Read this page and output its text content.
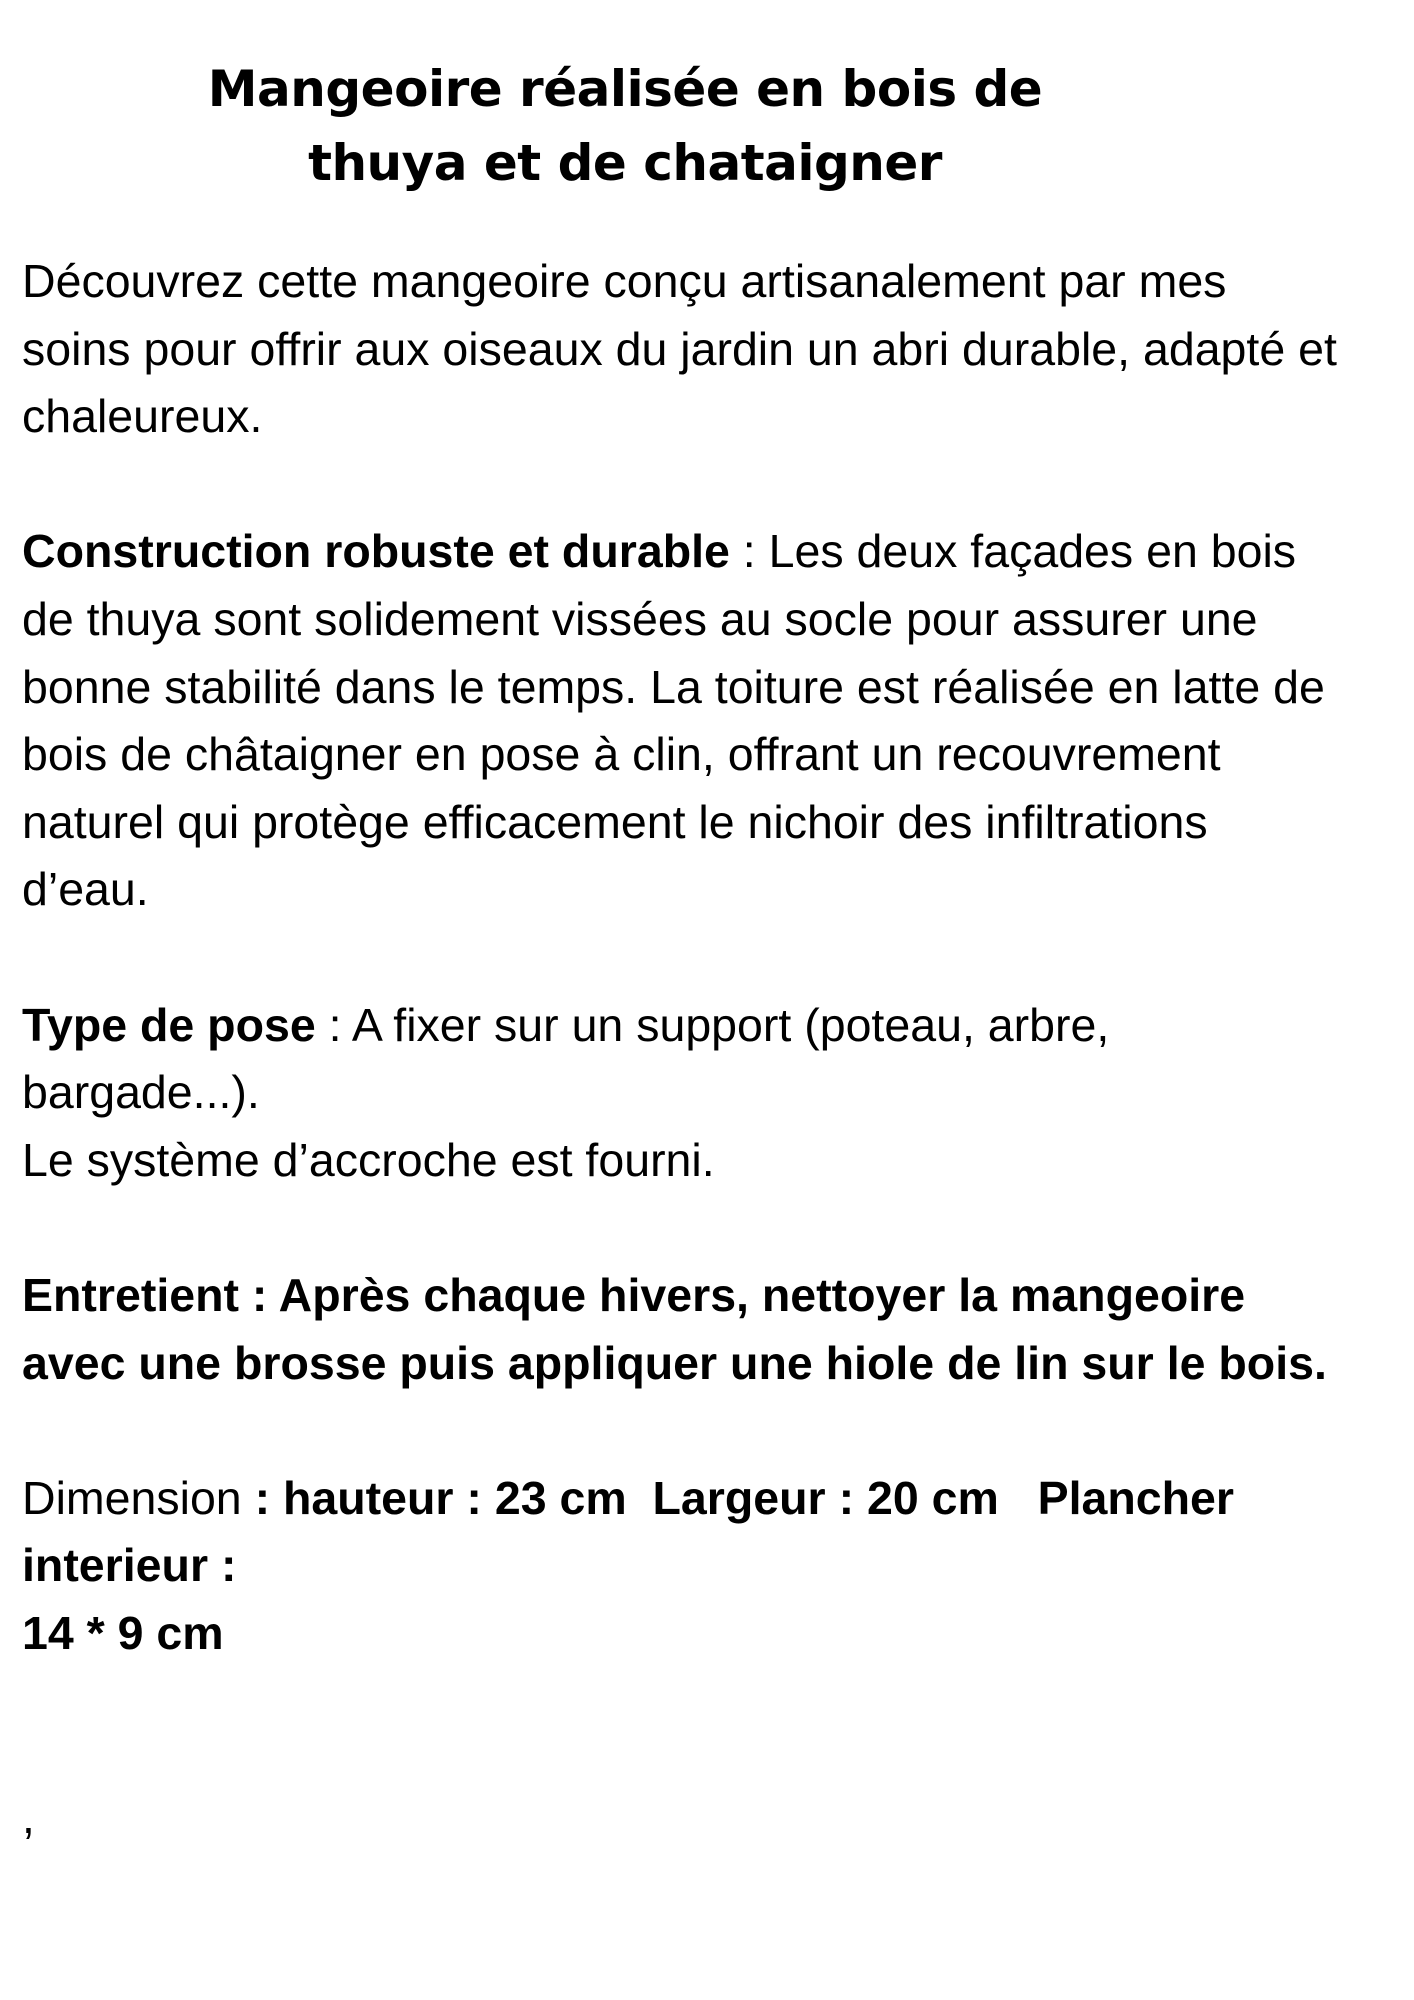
Mangeoire réalisée en bois de
thuya et de chataigner
Découvrez cette mangeoire conçu artisanalement par mes
soins pour offrir aux oiseaux du jardin un abri durable, adapté et
chaleureux.
Construction robuste et durable : Les deux façades en bois
de thuya sont solidement vissées au socle pour assurer une
bonne stabilité dans le temps. La toiture est réalisée en latte de
bois de châtaigner en pose à clin, offrant un recouvrement
naturel qui protège efficacement le nichoir des infiltrations
d’eau.
Type de pose : A fixer sur un support (poteau, arbre,
bargade...).
Le système d’accroche est fourni.
Entretient : Après chaque hivers, nettoyer la mangeoire
avec une brosse puis appliquer une hiole de lin sur le bois.
Dimension : hauteur : 23 cm  Largeur : 20 cm   Plancher
interieur :
14 * 9 cm
,
